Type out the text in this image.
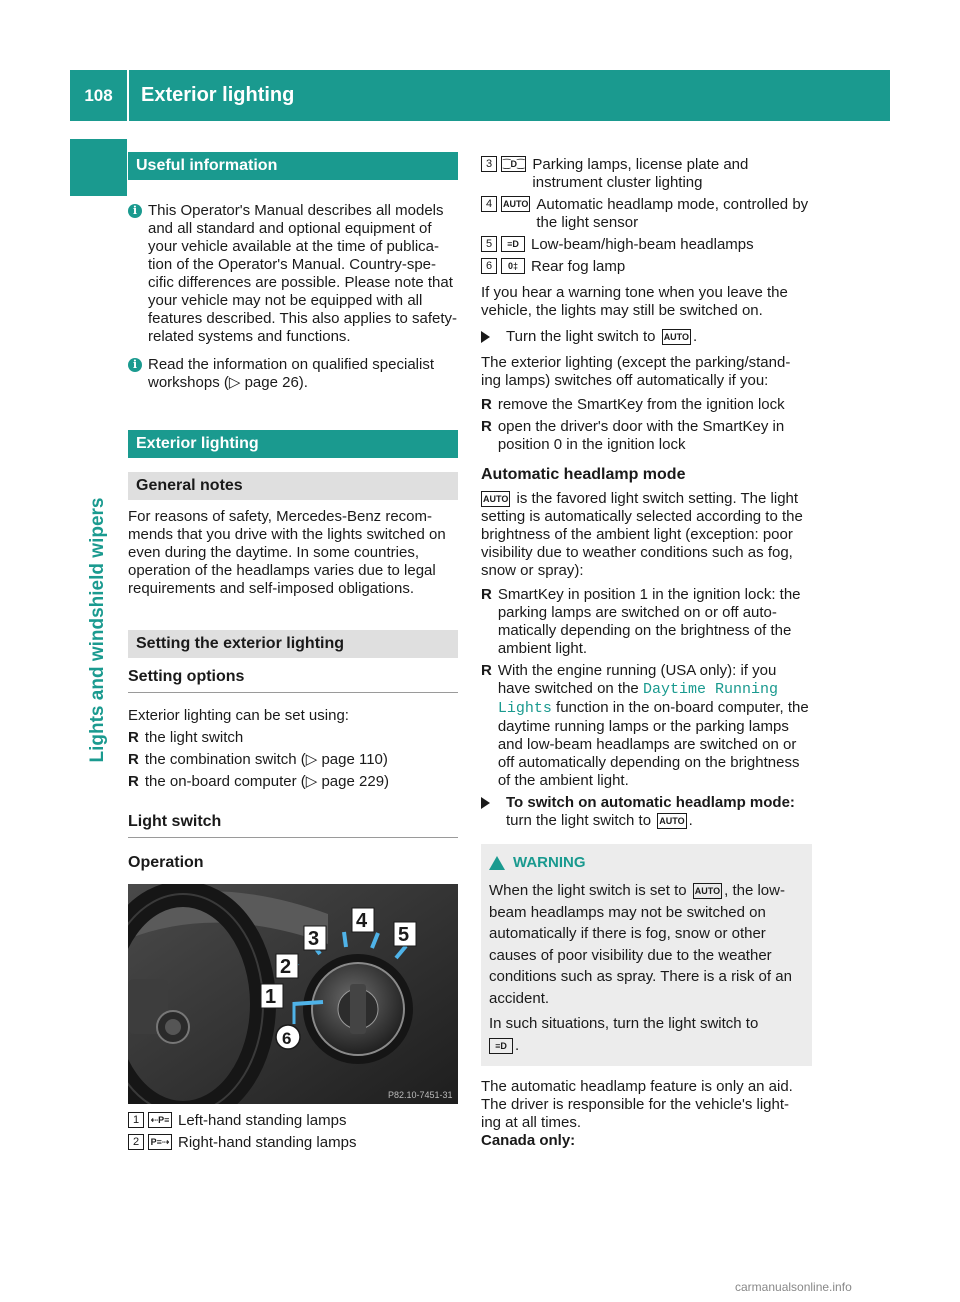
108	Exterior lighting
Lights and windshield wipers
Useful information
i This Operator's Manual describes all models and all standard and optional equipment of your vehicle available at the time of publica- tion of the Operator's Manual. Country-spe- cific differences are possible. Please note that your vehicle may not be equipped with all features described. This also applies to safety-related systems and functions.

i Read the information on qualified specialist workshops (▷ page 26).

Exterior lighting
General notes

For reasons of safety, Mercedes-Benz recom- mends that you drive with the lights switched on even during the daytime. In some countries, operation of the headlamps varies due to legal requirements and self-imposed obligations.

Setting the exterior lighting
Setting options

Exterior lighting can be set using:

R the light switch
R the combination switch (▷ page 110)
R the on-board computer (▷ page 229)
Light switch
Operation
1
2
3
4
5
6
P82.10-7451-31
1	⇠P≡ Left-hand standing lamps
2	P≡⇢ Right-hand standing lamps
3	⁐D⁐ Parking lamps, license plate and instrument cluster lighting
4	AUTO Automatic headlamp mode, controlled by the light sensor
5	≡D Low-beam/high-beam headlamps
6	0‡ Rear fog lamp

If you hear a warning tone when you leave the vehicle, the lights may still be switched on.

Turn the light switch to AUTO .

The exterior lighting (except the parking/stand- ing lamps) switches off automatically if you:

R remove the SmartKey from the ignition lock
R open the driver's door with the SmartKey in position 0 in the ignition lock
Automatic headlamp mode

AUTO is the favored light switch setting. The light setting is automatically selected according to the brightness of the ambient light (exception: poor visibility due to weather conditions such as fog, snow or spray):

R SmartKey in position 1 in the ignition lock: the parking lamps are switched on or off auto- matically depending on the brightness of the ambient light.
R With the engine running (USA only): if you have switched on the Daytime Running Lights function in the on-board computer, the daytime running lamps or the parking lamps and low-beam headlamps are switched on or off automatically depending on the brightness of the ambient light.
To switch on automatic headlamp mode: turn the light switch to AUTO .
WARNING

When the light switch is set to AUTO , the low- beam headlamps may not be switched on automatically if there is fog, snow or other causes of poor visibility due to the weather conditions such as spray. There is a risk of an accident.

In such situations, turn the light switch to
≡D .

The automatic headlamp feature is only an aid. The driver is responsible for the vehicle's light- ing at all times.

Canada only:

carmanualsonline.info
